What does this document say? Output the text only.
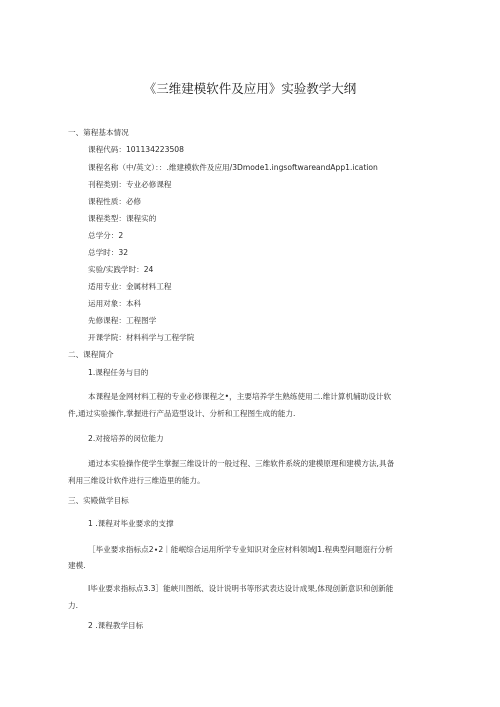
《三维建模软件及应用》实验教学大纲
一、第程基本情况
课程代码：101134223508
课程名称（中/英文）：：.维建模软件及应用/3Dmode1.ingsoftwareandApp1.ication
刊程类别：专业必修课程
课程性质：必修
课程类型：课程实的
总学分：2
总学时：32
实验/实践学时：24
适用专业：金属材料工程
运用对象：本科
先修课程：工程图学
开课学院：材料科学与工程学院
二、课程简介
1.课程任务与目的
本课程是金网材料工程的专业必修课程之•，主要培养学生熟练使用二.维计算机辅助设计软
件,通过实验操作,掌握进行产品造型设计、分析和工程图生成的能力.
2.对接培养的闵位能力
通过本实验操作使学生掌握三维设计的一般过程、三维软件系统的建模原理和建模方法,具备
利用三维设计软件进行三维造里的能力。
三、实殿做学目标
1 .课程对毕业要求的支撑
［毕业要求指标点2∙2｜能岷综合运用所学专业知识对金应材料领域J1.程典型问题诳行分析
建模.
I毕业要求指标点3.3］能峡川图纸、设计说明书等形武表达设计成果,体现创新意识和创新能
力.
2 .课程教学目标
